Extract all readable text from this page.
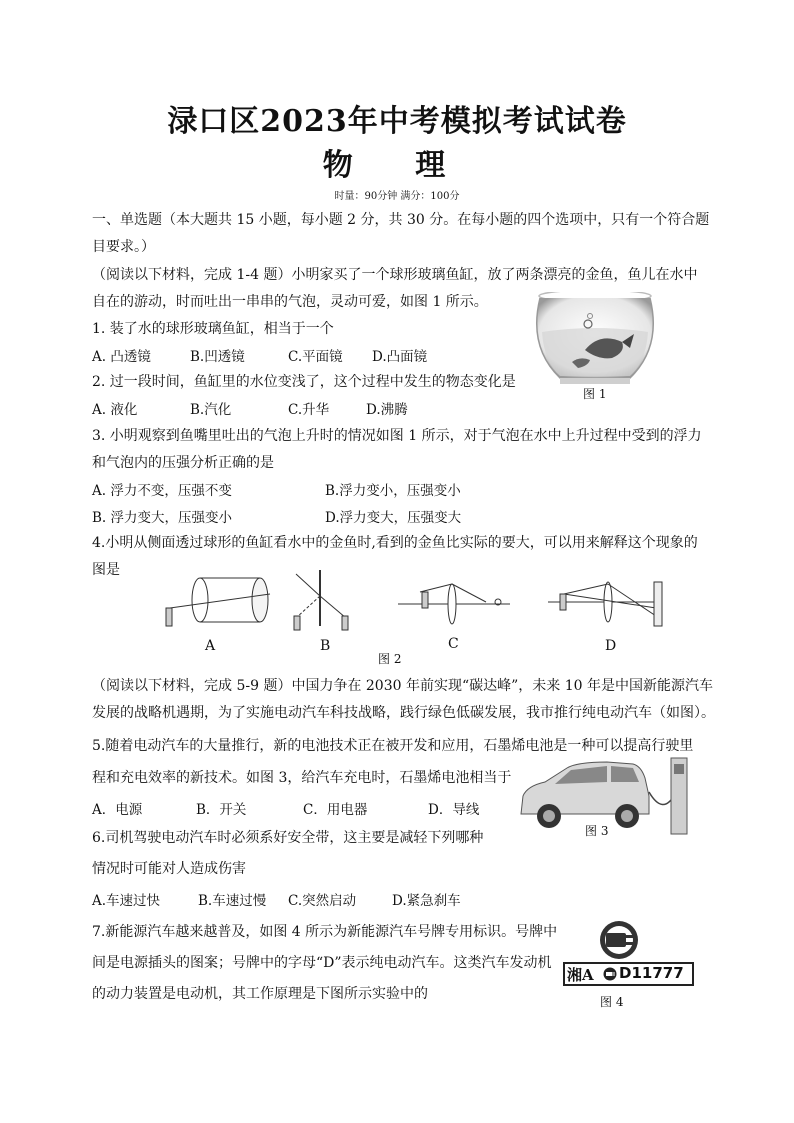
渌口区2023年中考模拟考试试卷
物 理
时量：90分钟 满分：100分
一、单选题（本大题共 15 小题，每小题 2 分，共 30 分。在每小题的四个选项中，只有一个符合题
目要求。）
（阅读以下材料，完成 1-4 题）小明家买了一个球形玻璃鱼缸，放了两条漂亮的金鱼，鱼儿在水中
自在的游动，时而吐出一串串的气泡，灵动可爱，如图 1 所示。
1. 装了水的球形玻璃鱼缸，相当于一个
A. 凸透镜	B.凹透镜	C.平面镜 D.凸面镜
2. 过一段时间，鱼缸里的水位变浅了，这个过程中发生的物态变化是
A. 液化	B.汽化	C.升华	D.沸腾
图 1
3. 小明观察到鱼嘴里吐出的气泡上升时的情况如图 1 所示，对于气泡在水中上升过程中受到的浮力
和气泡内的压强分析正确的是
A. 浮力不变，压强不变	B.浮力变小，压强变小
B. 浮力变大，压强变小	D.浮力变大，压强变大
4.小明从侧面透过球形的鱼缸看水中的金鱼时,看到的金鱼比实际的要大，可以用来解释这个现象的
图是
A	B	C	D
图 2
（阅读以下材料，完成 5-9 题）中国力争在 2030 年前实现“碳达峰”，未来 10 年是中国新能源汽车
发展的战略机遇期，为了实施电动汽车科技战略，践行绿色低碳发展，我市推行纯电动汽车（如图）。
5.随着电动汽车的大量推行，新的电池技术正在被开发和应用，石墨烯电池是一种可以提高行驶里
程和充电效率的新技术。如图 3，给汽车充电时，石墨烯电池相当于
A．电源	B．开关	C．用电器	D．导线
图 3
6.司机驾驶电动汽车时必须系好安全带，这主要是减轻下列哪种
情况时可能对人造成伤害
A.车速过快	B.车速过慢 C.突然启动	D.紧急刹车
7.新能源汽车越来越普及，如图 4 所示为新能源汽车号牌专用标识。号牌中
间是电源插头的图案；号牌中的字母“D”表示纯电动汽车。这类汽车发动机
的动力装置是电动机，其工作原理是下图所示实验中的
湘A D11777
图 4
